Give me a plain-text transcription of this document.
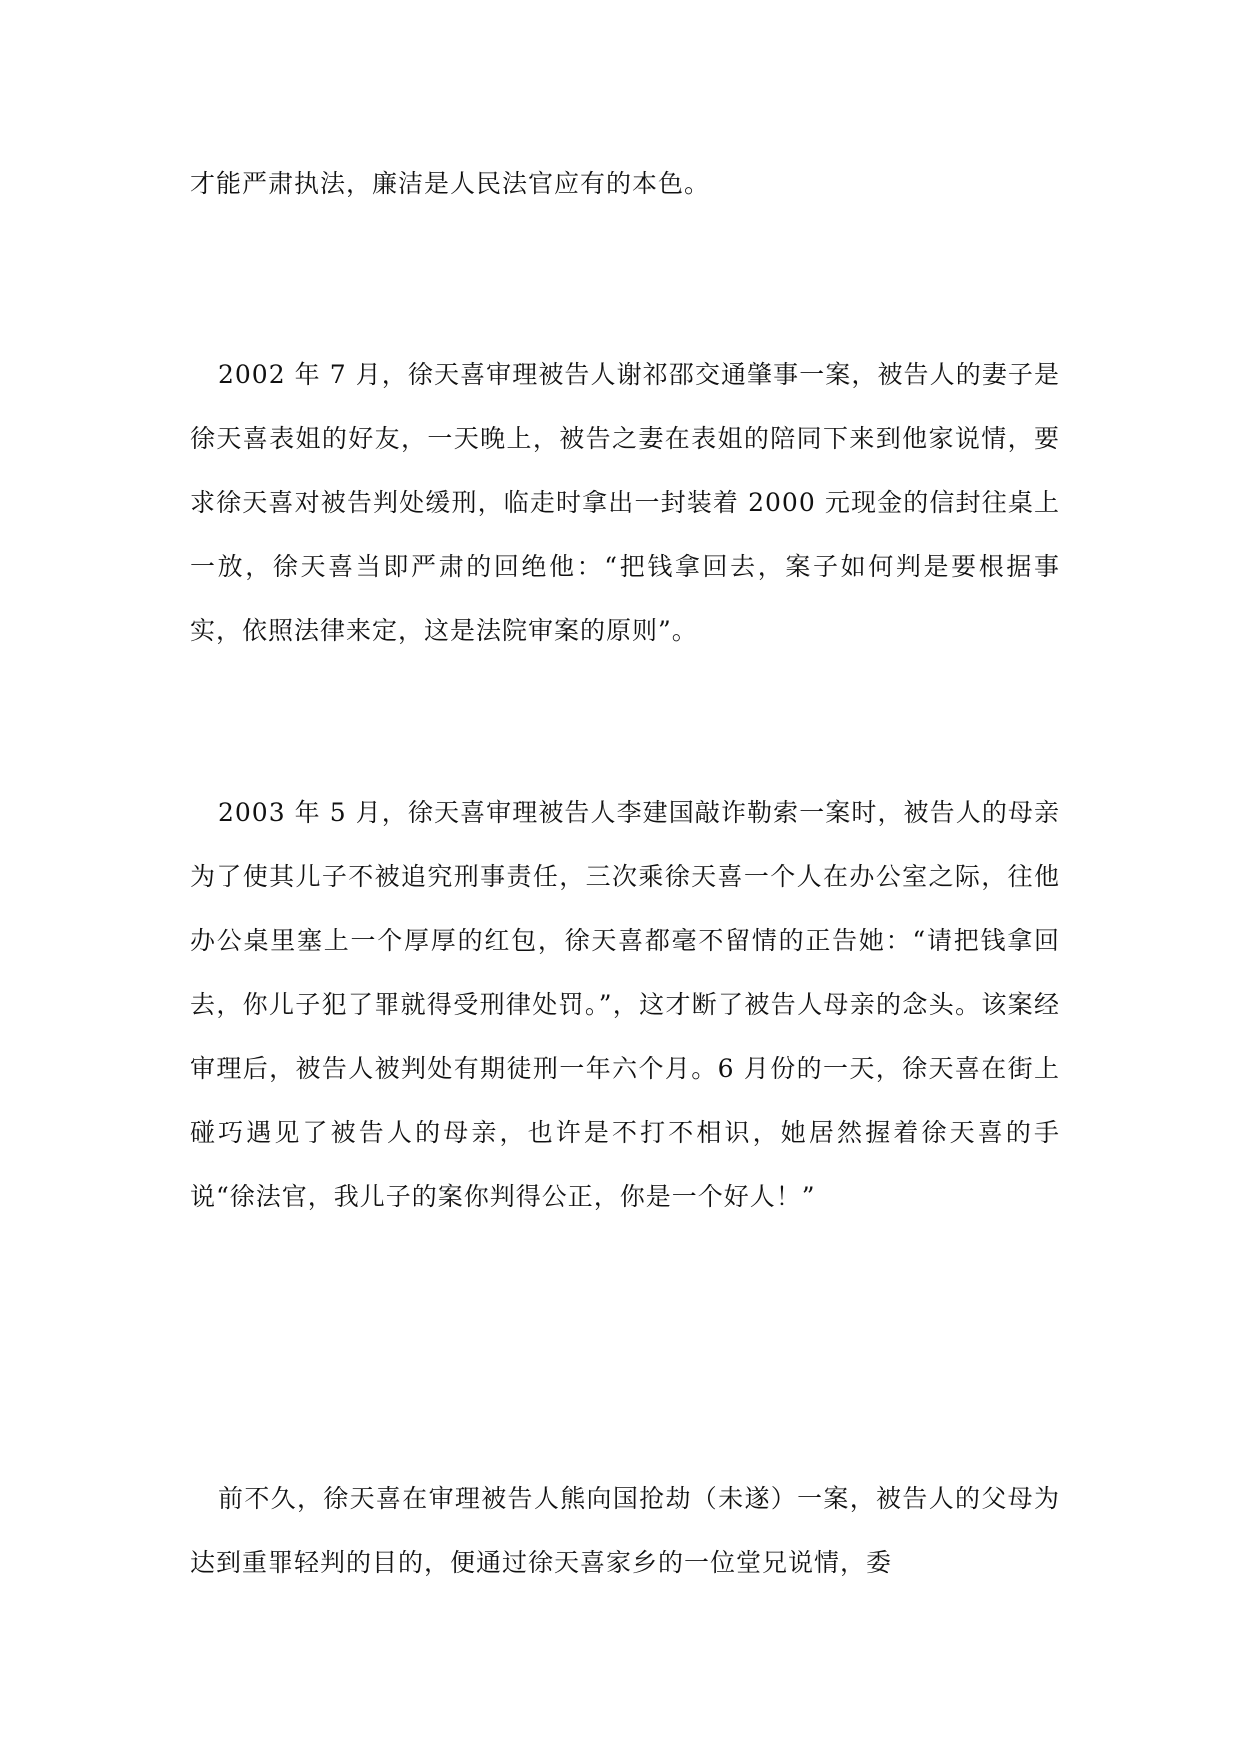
才能严肃执法，廉洁是人民法官应有的本色。

2002 年 7 月，徐天喜审理被告人谢祁邵交通肇事一案，被告人的妻子是徐天喜表姐的好友，一天晚上，被告之妻在表姐的陪同下来到他家说情，要求徐天喜对被告判处缓刑，临走时拿出一封装着 2000 元现金的信封往桌上一放，徐天喜当即严肃的回绝他：“把钱拿回去，案子如何判是要根据事实，依照法律来定，这是法院审案的原则”。

2003 年 5 月，徐天喜审理被告人李建国敲诈勒索一案时，被告人的母亲为了使其儿子不被追究刑事责任，三次乘徐天喜一个人在办公室之际，往他办公桌里塞上一个厚厚的红包，徐天喜都毫不留情的正告她：“请把钱拿回去，你儿子犯了罪就得受刑律处罚。”，这才断了被告人母亲的念头。该案经审理后，被告人被判处有期徒刑一年六个月。6 月份的一天，徐天喜在街上碰巧遇见了被告人的母亲，也许是不打不相识，她居然握着徐天喜的手说“徐法官，我儿子的案你判得公正，你是一个好人！”

前不久，徐天喜在审理被告人熊向国抢劫（未遂）一案，被告人的父母为达到重罪轻判的目的，便通过徐天喜家乡的一位堂兄说情，委
